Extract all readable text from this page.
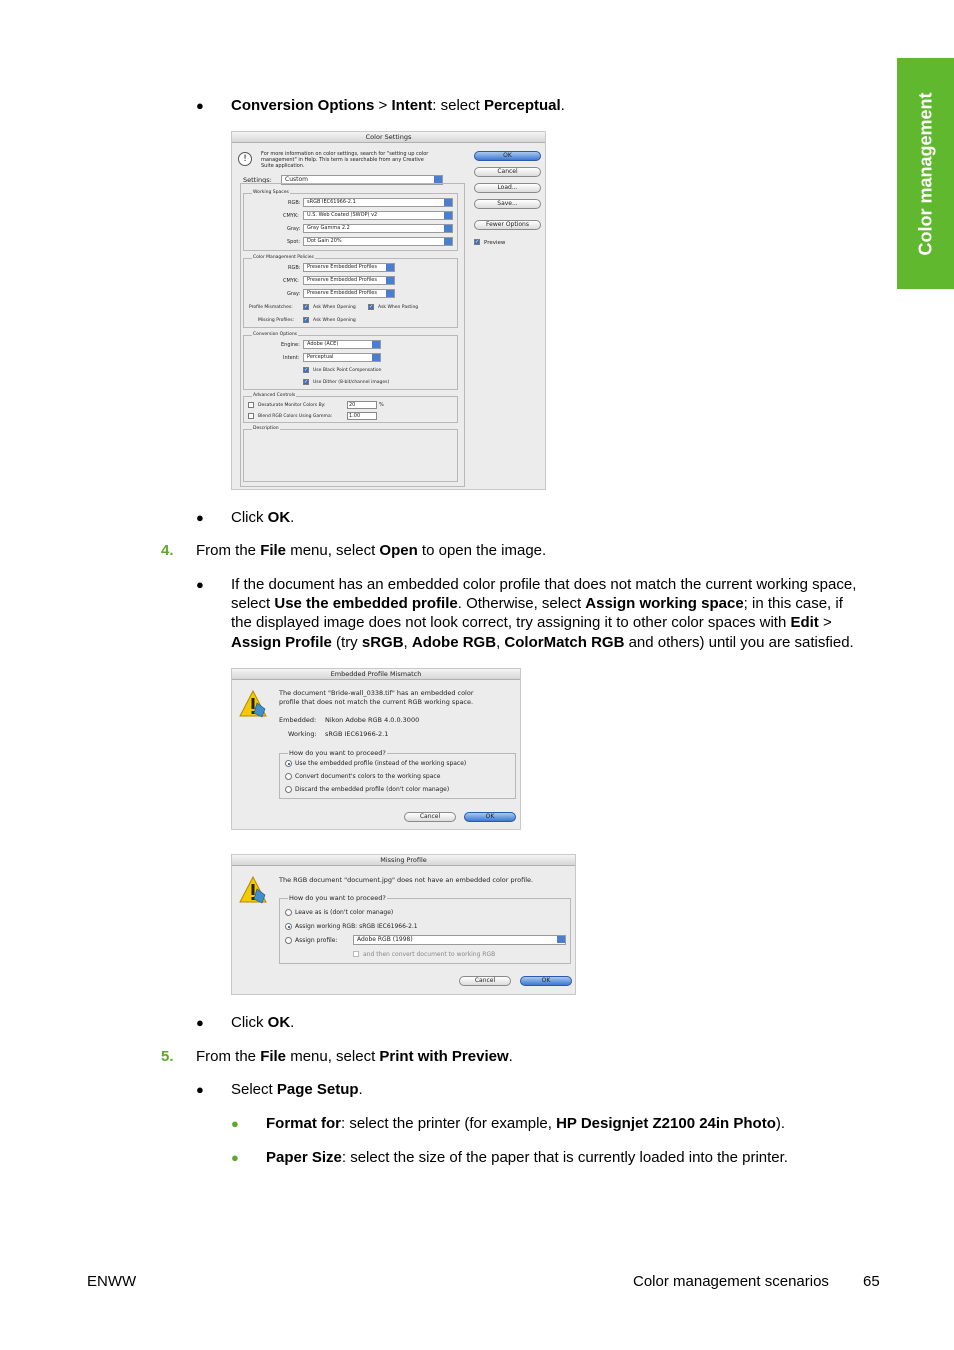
Color management
● Conversion Options > Intent: select Perceptual.
Color Settings
!	For more information on color settings, search for "setting up color
management" in Help. This term is searchable from any Creative
Suite application.
Settings:	Custom
Working Spaces
RGB:	sRGB IEC61966-2.1
CMYK:	U.S. Web Coated (SWOP) v2
Gray:	Gray Gamma 2.2
Spot:	Dot Gain 20%
Color Management Policies
RGB:	Preserve Embedded Profiles
CMYK:	Preserve Embedded Profiles
Gray:	Preserve Embedded Profiles
Profile Mismatches: ✓ Ask When Opening	✓ Ask When Pasting
Missing Profiles: ✓ Ask When Opening
Conversion Options
Engine:	Adobe (ACE)
Intent:	Perceptual
✓ Use Black Point Compensation
✓ Use Dither (8-bit/channel images)
Advanced Controls
Desaturate Monitor Colors By:	20	%
Blend RGB Colors Using Gamma:	1.00
Description
OK
Cancel
Load...
Save...
Fewer Options
✓ Preview
● Click OK.
4. From the File menu, select Open to open the image.
● If the document has an embedded color profile that does not match the current working space,
select Use the embedded profile. Otherwise, select Assign working space; in this case, if
the displayed image does not look correct, try assigning it to other color spaces with Edit >
Assign Profile (try sRGB, Adobe RGB, ColorMatch RGB and others) until you are satisfied.
Embedded Profile Mismatch
The document "Bride-wall_0338.tif" has an embedded color
profile that does not match the current RGB working space.
Embedded: Nikon Adobe RGB 4.0.0.3000
Working: sRGB IEC61966-2.1
How do you want to proceed?
Use the embedded profile (instead of the working space)
Convert document's colors to the working space
Discard the embedded profile (don't color manage)
Cancel	OK
Missing Profile
The RGB document "document.jpg" does not have an embedded color profile.
How do you want to proceed?
Leave as is (don't color manage)
Assign working RGB: sRGB IEC61966-2.1
Assign profile:	Adobe RGB (1998)
and then convert document to working RGB
Cancel	OK
● Click OK.
5. From the File menu, select Print with Preview.
● Select Page Setup.
● Format for: select the printer (for example, HP Designjet Z2100 24in Photo).
● Paper Size: select the size of the paper that is currently loaded into the printer.
ENWW	Color management scenarios 65
